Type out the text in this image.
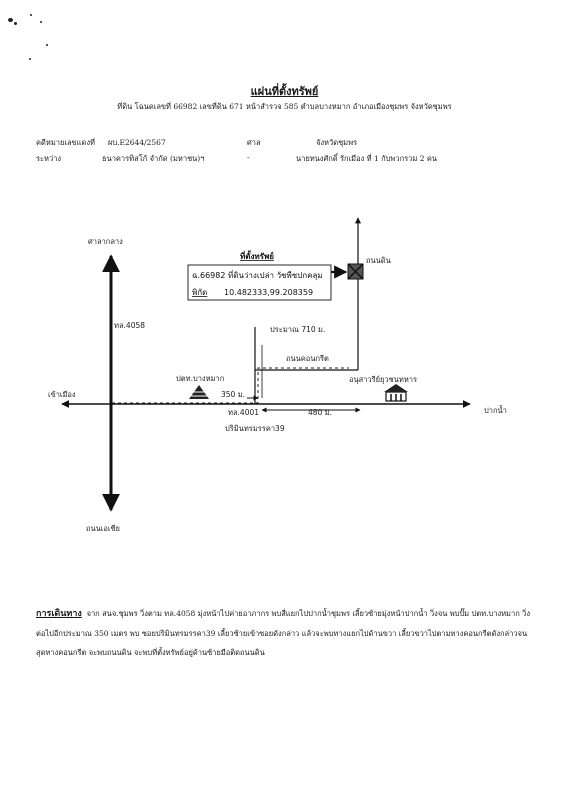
แผ่นที่ตั้งทรัพย์
ที่ดิน โฉนดเลขที่ 66982 เลขที่ดิน 671 หน้าสำรวจ 585 ตำบลบางหมาก อำเภอเมืองชุมพร จังหวัดชุมพร
คดีหมายเลขแดงที่ ผบ.E2644/2567	ศาล	จังหวัดชุมพร
ระหว่าง	ธนาคารทิสโก้ จำกัด (มหาชน)ฯ	-	นายทนงศักดิ์ รักเมือง ที่ 1 กับพวกรวม 2 คน
ที่ตั้งทรัพย์
ฉ.66982 ที่ดินว่างเปล่า วัชพืชปกคลุม
พิกัด 10.482333,99.208359
ศาลากลาง
ถนนเอเชีย
เข้าเมือง
ปากน้ำ
ทล.4058
ทล.4001
ปริมินทรมรรคา39
ปตท.บางหมาก
350 ม.
480 ม.
ประมาณ 710 ม.
ถนนคอนกรีต
ถนนดิน
อนุสาวรีย์ยุวชนทหาร
การเดินทาง จาก สนจ.ชุมพร วิ่งตาม ทล.4058 มุ่งหน้าไปค่ายอาภากร พบสี่แยกไปปากน้ำชุมพร เลี้ยวซ้ายมุ่งหน้าปากน้ำ วิ่งจน พบปั๊ม ปตท.บางหมาก วิ่งต่อไปอีกประมาณ 350 เมตร พบ ซอยปริมินทรมรรคา39 เลี้ยวซ้ายเข้าซอยดังกล่าว แล้วจะพบทางแยกไปด้านขวา เลี้ยวขวาไปตามทางคอนกรีตดังกล่าวจนสุดทางคอนกรีต จะพบถนนดิน จะพบที่ตั้งทรัพย์อยู่ด้านซ้ายมือติดถนนดิน
